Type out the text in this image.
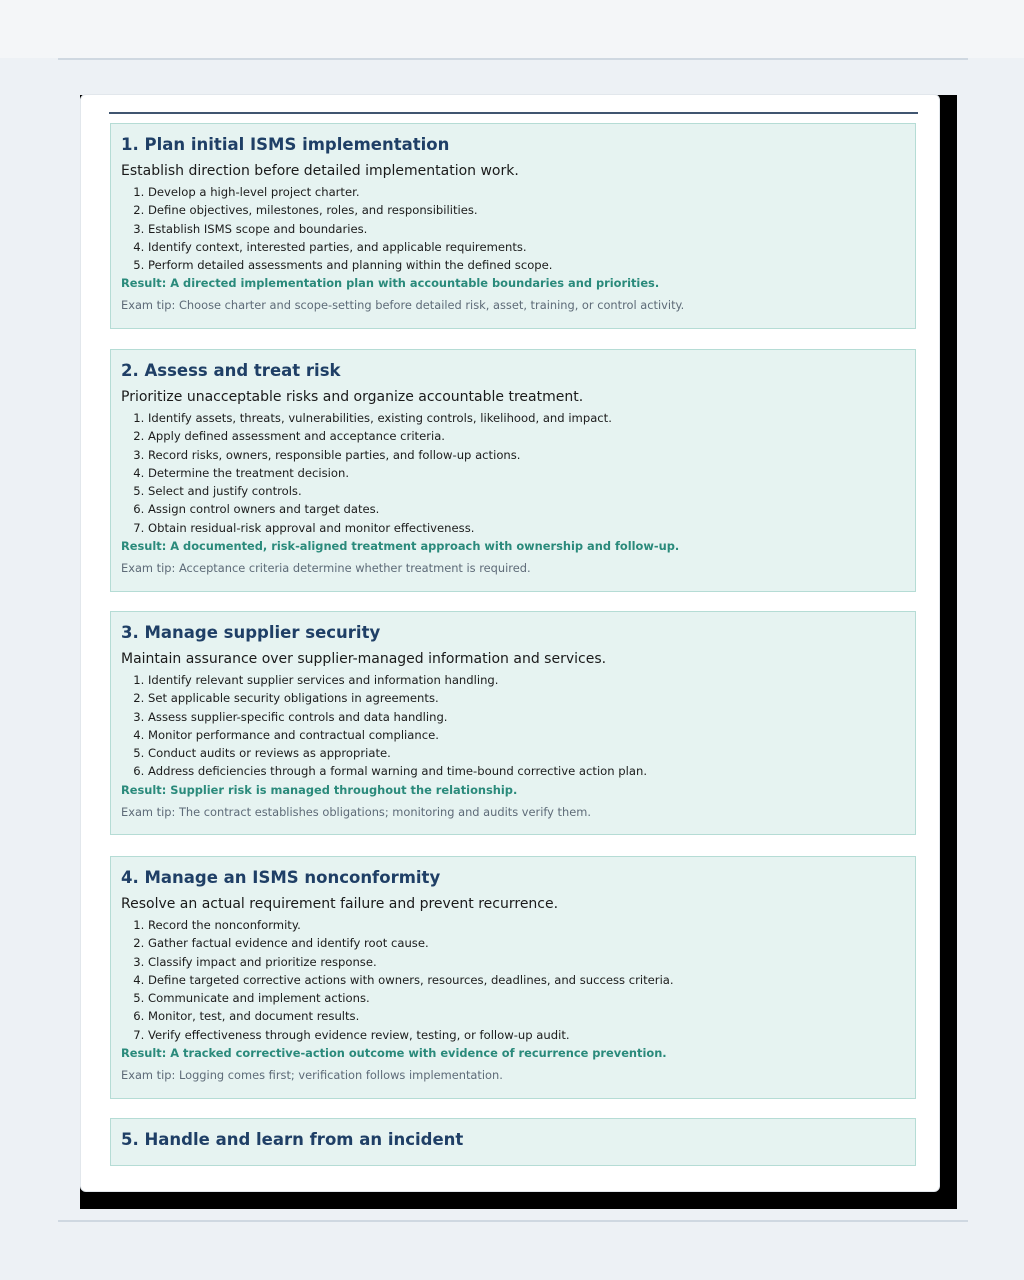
1. Plan initial ISMS implementation
Establish direction before detailed implementation work.
1. Develop a high-level project charter.
2. Define objectives, milestones, roles, and responsibilities.
3. Establish ISMS scope and boundaries.
4. Identify context, interested parties, and applicable requirements.
5. Perform detailed assessments and planning within the defined scope.
Result: A directed implementation plan with accountable boundaries and priorities.
Exam tip: Choose charter and scope-setting before detailed risk, asset, training, or control activity.
2. Assess and treat risk
Prioritize unacceptable risks and organize accountable treatment.
1. Identify assets, threats, vulnerabilities, existing controls, likelihood, and impact.
2. Apply defined assessment and acceptance criteria.
3. Record risks, owners, responsible parties, and follow-up actions.
4. Determine the treatment decision.
5. Select and justify controls.
6. Assign control owners and target dates.
7. Obtain residual-risk approval and monitor effectiveness.
Result: A documented, risk-aligned treatment approach with ownership and follow-up.
Exam tip: Acceptance criteria determine whether treatment is required.
3. Manage supplier security
Maintain assurance over supplier-managed information and services.
1. Identify relevant supplier services and information handling.
2. Set applicable security obligations in agreements.
3. Assess supplier-specific controls and data handling.
4. Monitor performance and contractual compliance.
5. Conduct audits or reviews as appropriate.
6. Address deficiencies through a formal warning and time-bound corrective action plan.
Result: Supplier risk is managed throughout the relationship.
Exam tip: The contract establishes obligations; monitoring and audits verify them.
4. Manage an ISMS nonconformity
Resolve an actual requirement failure and prevent recurrence.
1. Record the nonconformity.
2. Gather factual evidence and identify root cause.
3. Classify impact and prioritize response.
4. Define targeted corrective actions with owners, resources, deadlines, and success criteria.
5. Communicate and implement actions.
6. Monitor, test, and document results.
7. Verify effectiveness through evidence review, testing, or follow-up audit.
Result: A tracked corrective-action outcome with evidence of recurrence prevention.
Exam tip: Logging comes first; verification follows implementation.
5. Handle and learn from an incident
